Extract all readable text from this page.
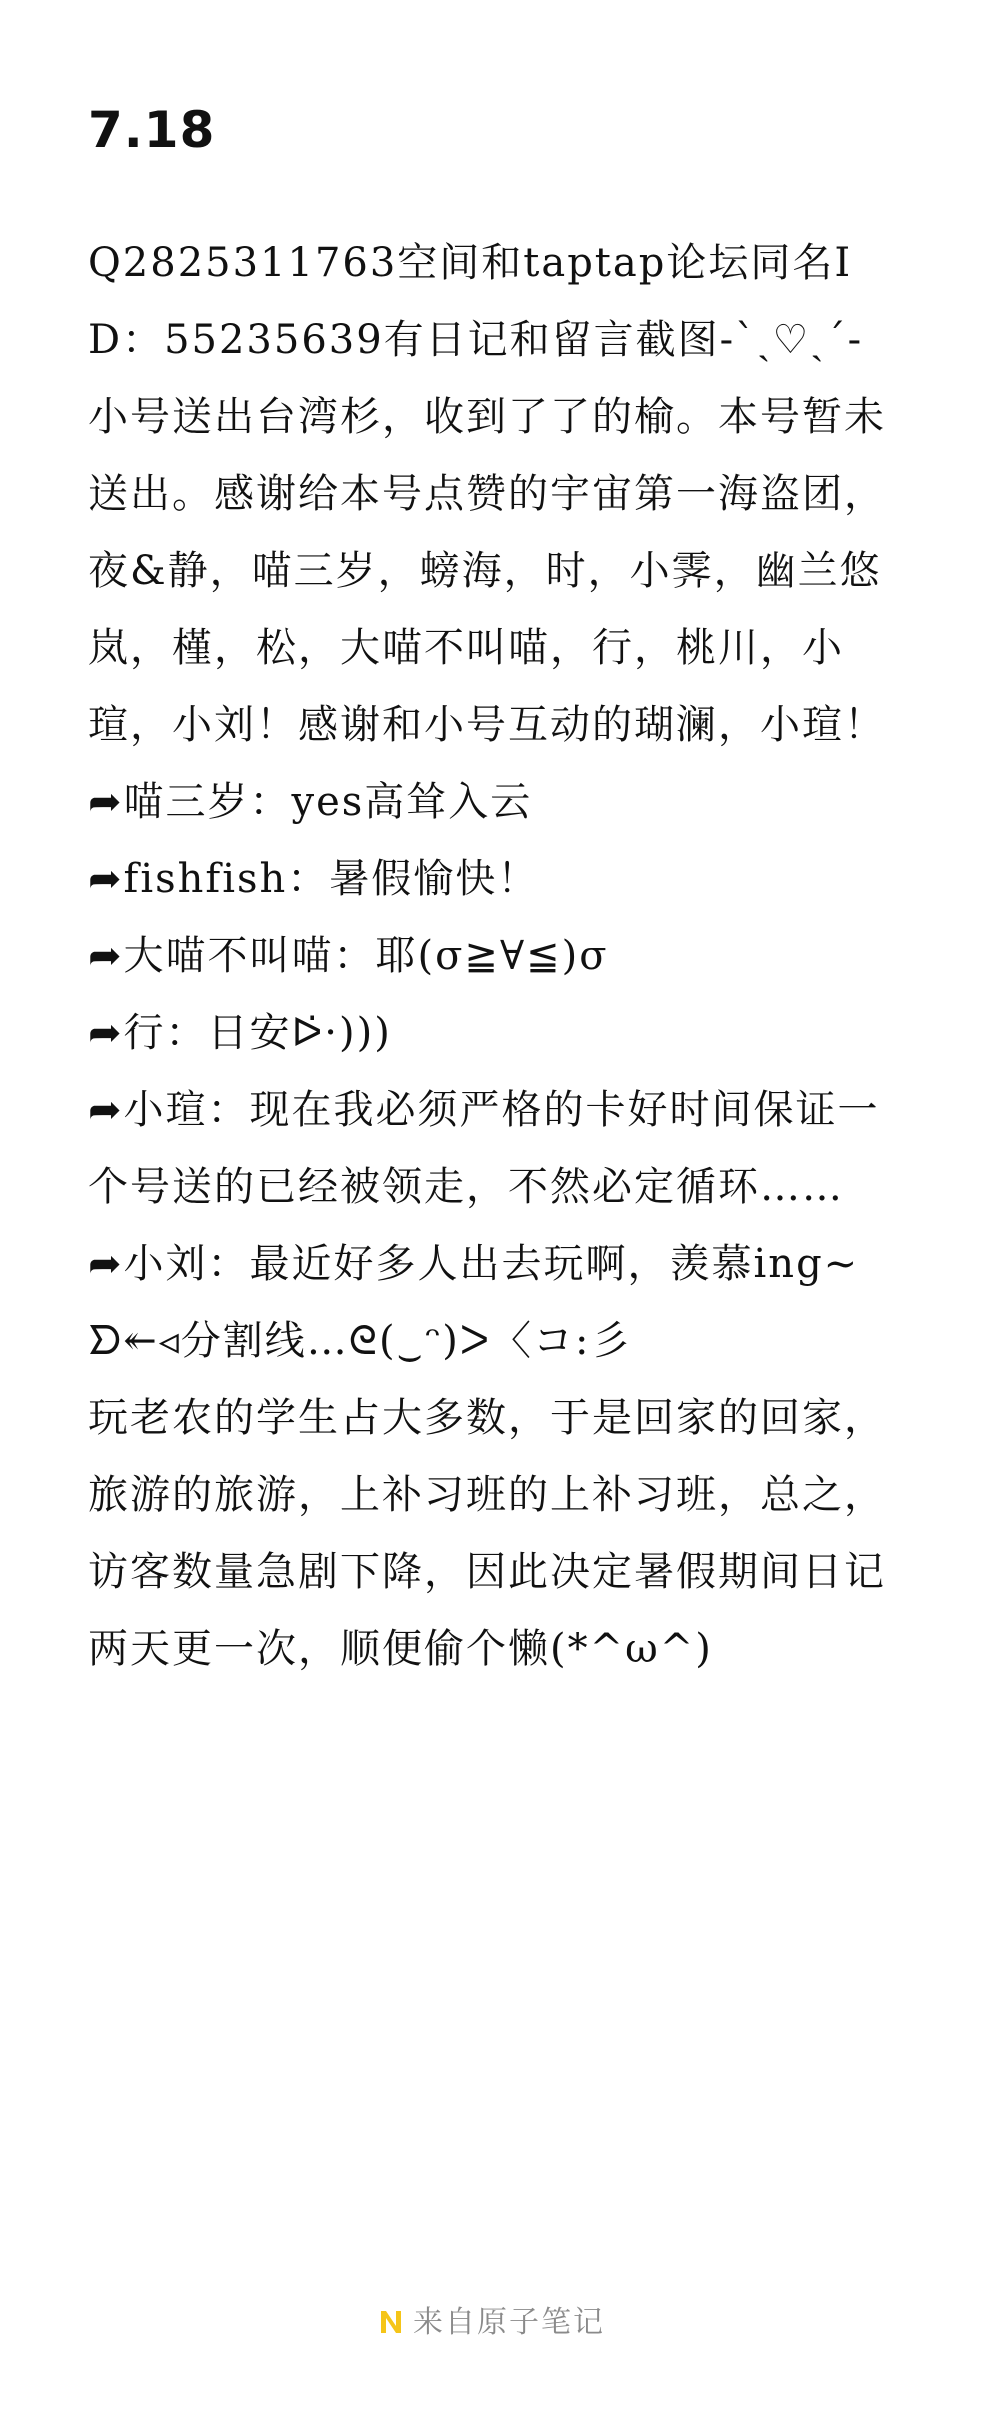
7.18

Q2825311763空间和taptap论坛同名ID：55235639有日记和留言截图-ˋˏ♡ˎˊ-

小号送出台湾杉，收到了了的榆。本号暂未送出。感谢给本号点赞的宇宙第一海盗团，夜&静，喵三岁，螃海，时，小霁，幽兰悠岚，槿，松，大喵不叫喵，行，桃川，小瑄，小刘！感谢和小号互动的瑚澜，小瑄！

➦喵三岁：yes高耸入云

➦fishfish：暑假愉快！

➦大喵不叫喵：耶(σ≧∀≦)σ

➦行：日安ᐅ̇·)))

➦小瑄：现在我必须严格的卡好时间保证一个号送的已经被领走，不然必定循环……

➦小刘：最近好多人出去玩啊，羡慕ing~

ᗤ↞◃分割线…ᘓ(‿ᵔ)ᐳ〈コ:彡

玩老农的学生占大多数，于是回家的回家，旅游的旅游，上补习班的上补习班，总之，访客数量急剧下降，因此决定暑假期间日记两天更一次，顺便偷个懒(*^ω^)

来自原子笔记
